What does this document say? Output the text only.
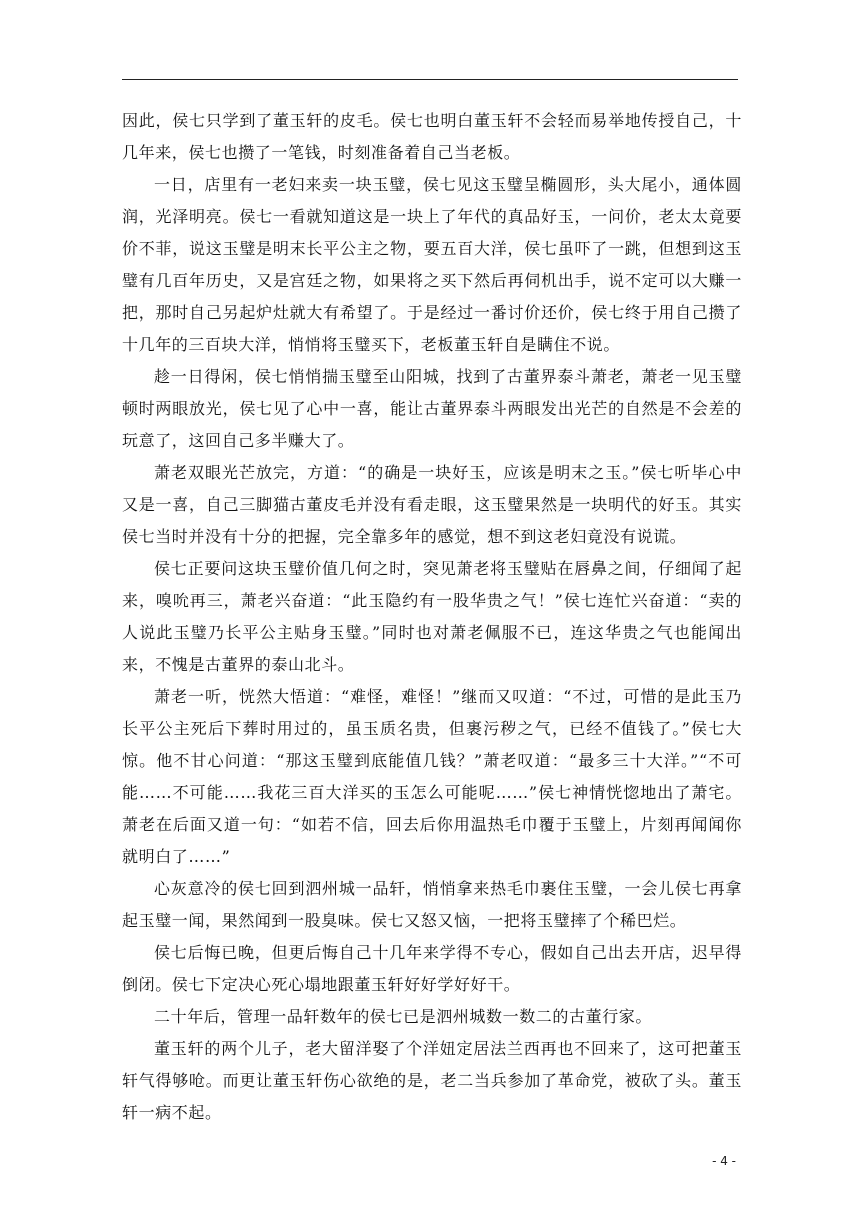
因此，侯七只学到了董玉轩的皮毛。侯七也明白董玉轩不会轻而易举地传授自己，十几年来，侯七也攒了一笔钱，时刻准备着自己当老板。

一日，店里有一老妇来卖一块玉璧，侯七见这玉璧呈椭圆形，头大尾小，通体圆润，光泽明亮。侯七一看就知道这是一块上了年代的真品好玉，一问价，老太太竟要价不菲，说这玉璧是明末长平公主之物，要五百大洋，侯七虽吓了一跳，但想到这玉璧有几百年历史，又是宫廷之物，如果将之买下然后再伺机出手，说不定可以大赚一把，那时自己另起炉灶就大有希望了。于是经过一番讨价还价，侯七终于用自己攒了十几年的三百块大洋，悄悄将玉璧买下，老板董玉轩自是瞒住不说。

趁一日得闲，侯七悄悄揣玉璧至山阳城，找到了古董界泰斗萧老，萧老一见玉璧顿时两眼放光，侯七见了心中一喜，能让古董界泰斗两眼发出光芒的自然是不会差的玩意了，这回自己多半赚大了。

萧老双眼光芒放完，方道：“的确是一块好玉，应该是明末之玉。”侯七听毕心中又是一喜，自己三脚猫古董皮毛并没有看走眼，这玉璧果然是一块明代的好玉。其实侯七当时并没有十分的把握，完全靠多年的感觉，想不到这老妇竟没有说谎。

侯七正要问这块玉璧价值几何之时，突见萧老将玉璧贴在唇鼻之间，仔细闻了起来，嗅吮再三，萧老兴奋道：“此玉隐约有一股华贵之气！”侯七连忙兴奋道：“卖的人说此玉璧乃长平公主贴身玉璧。”同时也对萧老佩服不已，连这华贵之气也能闻出来，不愧是古董界的泰山北斗。

萧老一听，恍然大悟道：“难怪，难怪！”继而又叹道：“不过，可惜的是此玉乃长平公主死后下葬时用过的，虽玉质名贵，但裹污秽之气，已经不值钱了。”侯七大惊。他不甘心问道：“那这玉璧到底能值几钱？”萧老叹道：“最多三十大洋。”“不可能……不可能……我花三百大洋买的玉怎么可能呢……”侯七神情恍惚地出了萧宅。萧老在后面又道一句：“如若不信，回去后你用温热毛巾覆于玉璧上，片刻再闻闻你就明白了……”

心灰意冷的侯七回到泗州城一品轩，悄悄拿来热毛巾裹住玉璧，一会儿侯七再拿起玉璧一闻，果然闻到一股臭味。侯七又怒又恼，一把将玉璧摔了个稀巴烂。

侯七后悔已晚，但更后悔自己十几年来学得不专心，假如自己出去开店，迟早得倒闭。侯七下定决心死心塌地跟董玉轩好好学好好干。

二十年后，管理一品轩数年的侯七已是泗州城数一数二的古董行家。

董玉轩的两个儿子，老大留洋娶了个洋妞定居法兰西再也不回来了，这可把董玉轩气得够呛。而更让董玉轩伤心欲绝的是，老二当兵参加了革命党，被砍了头。董玉轩一病不起。

- 4 -
